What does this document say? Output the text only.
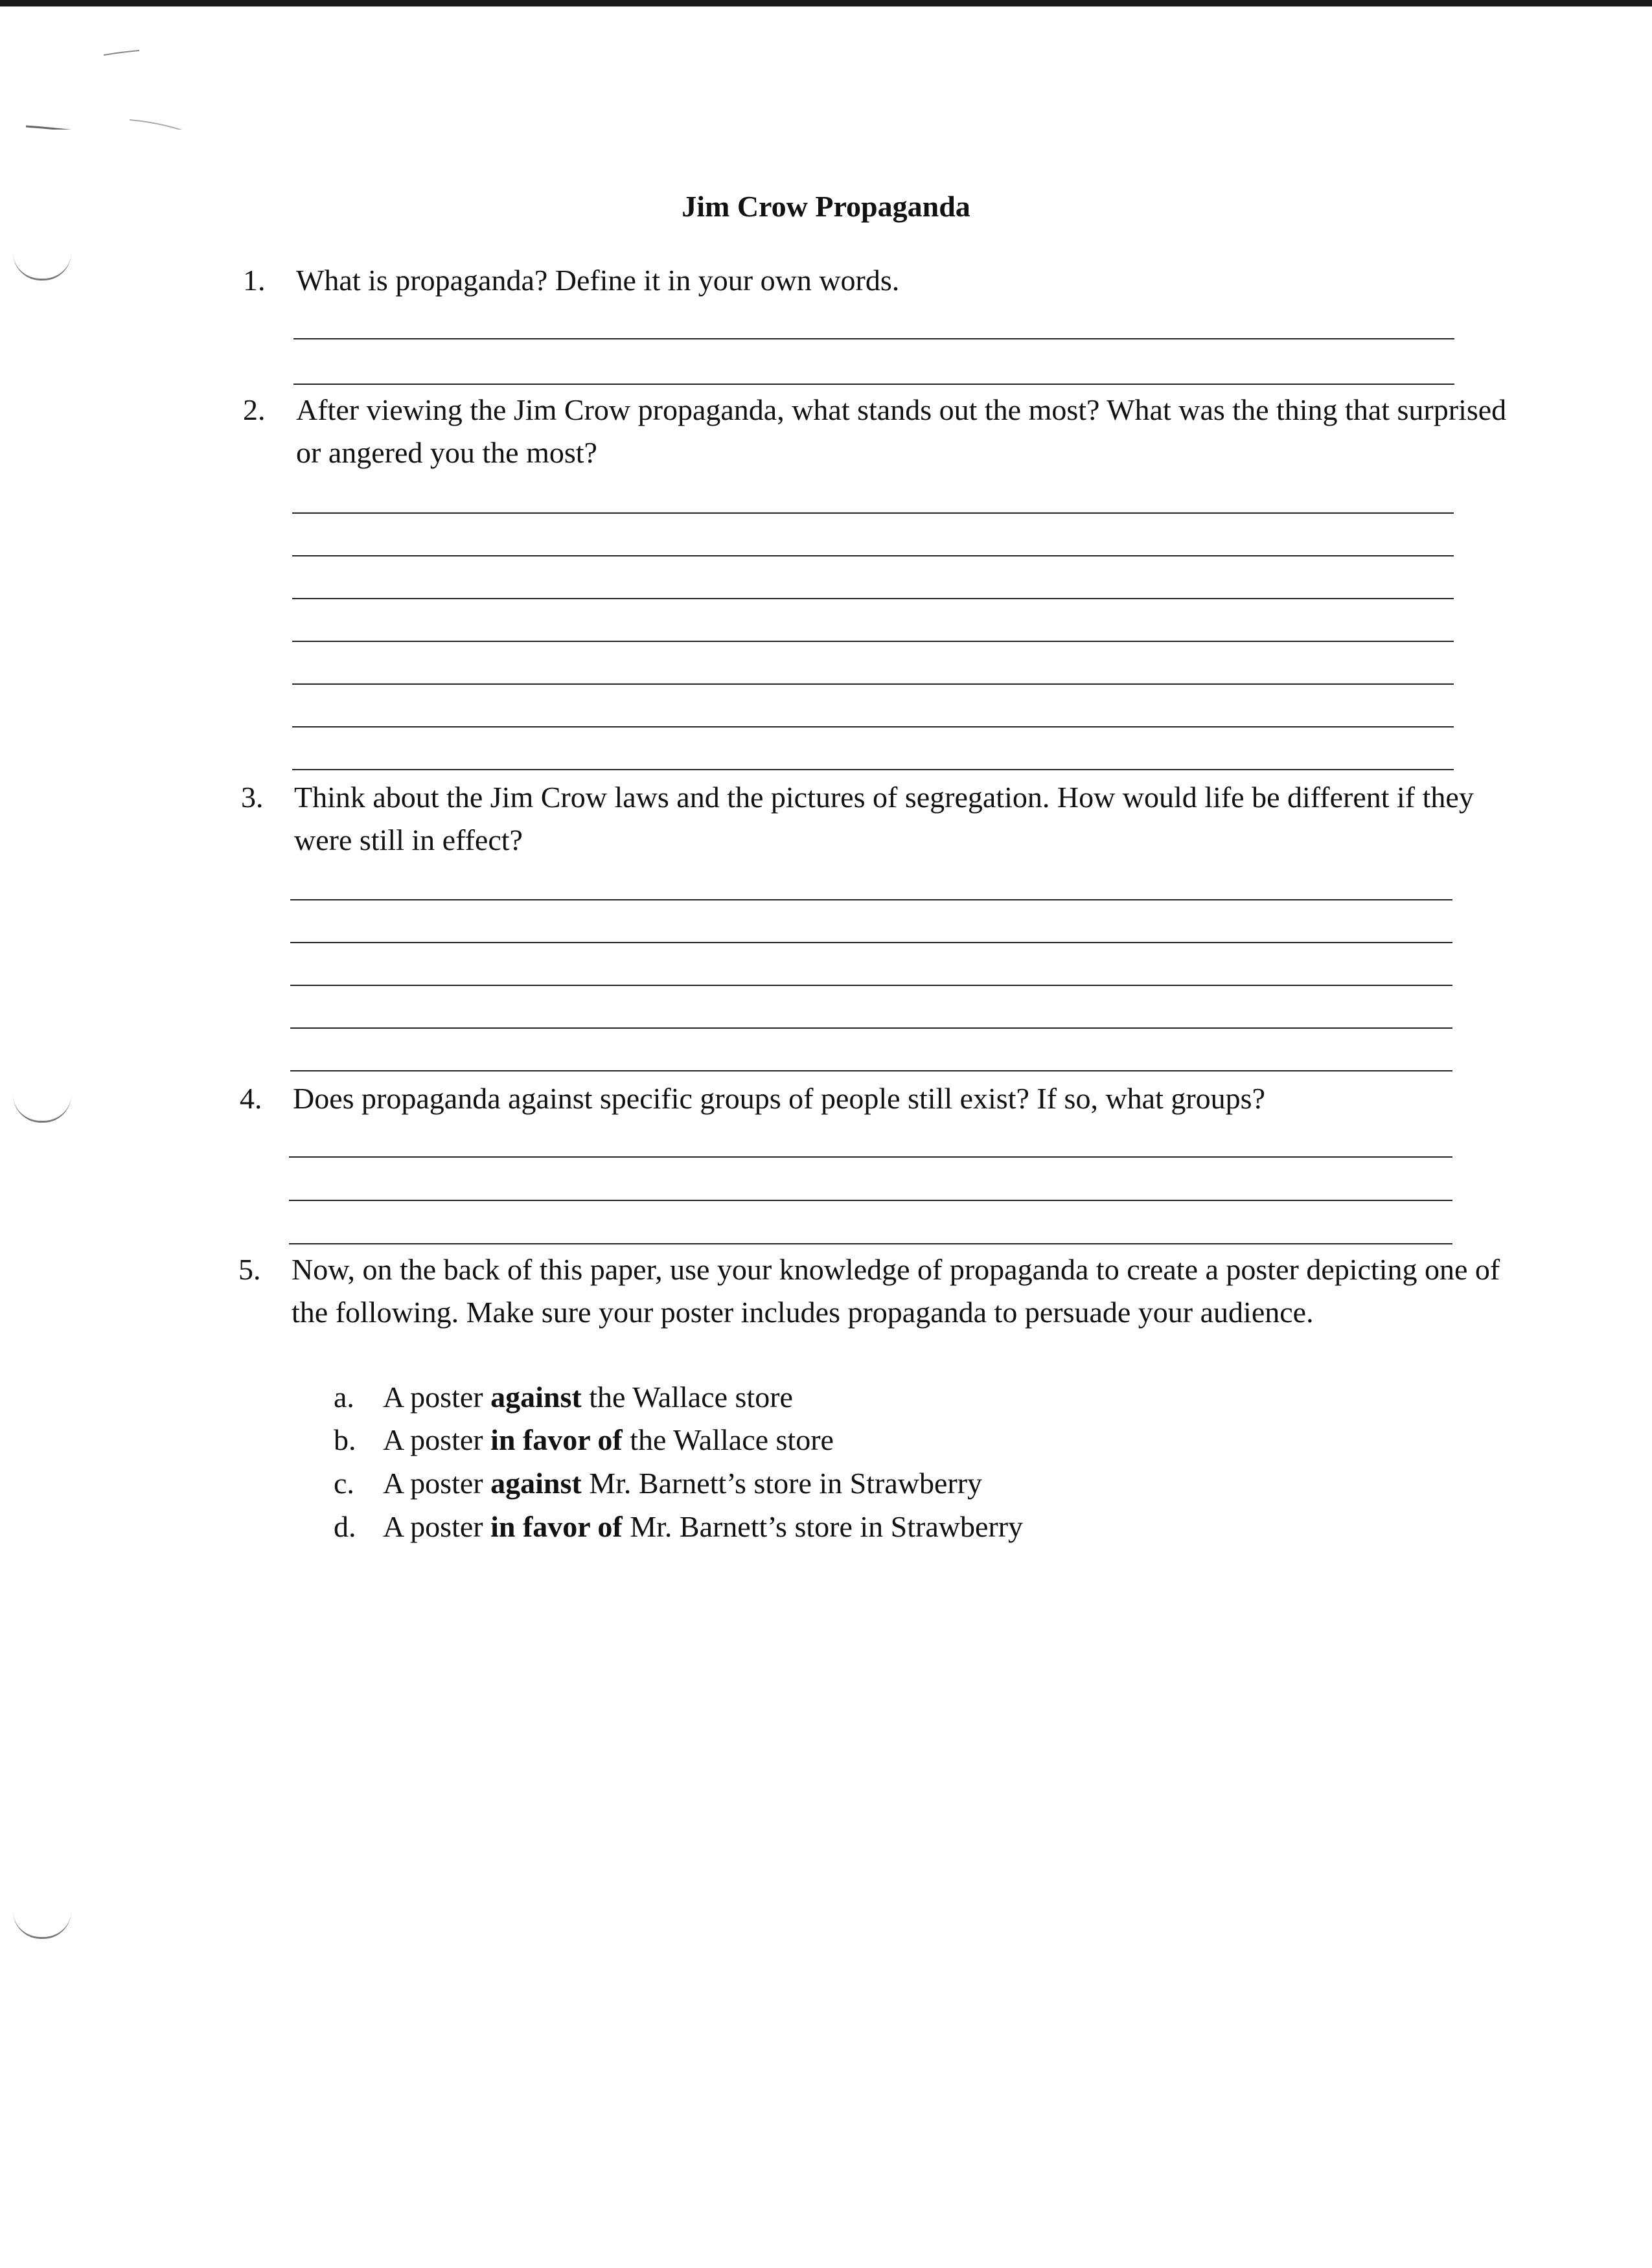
Jim Crow Propaganda
1.	What is propaganda? Define it in your own words.
2.	After viewing the Jim Crow propaganda, what stands out the most? What was the thing that surprised or angered you the most?
3.	Think about the Jim Crow laws and the pictures of segregation. How would life be different if they were still in effect?
4.	Does propaganda against specific groups of people still exist? If so, what groups?
5.	Now, on the back of this paper, use your knowledge of propaganda to create a poster depicting one of the following. Make sure your poster includes propaganda to persuade your audience.
a. A poster against the Wallace store
b. A poster in favor of the Wallace store
c. A poster against Mr. Barnett’s store in Strawberry
d. A poster in favor of Mr. Barnett’s store in Strawberry
